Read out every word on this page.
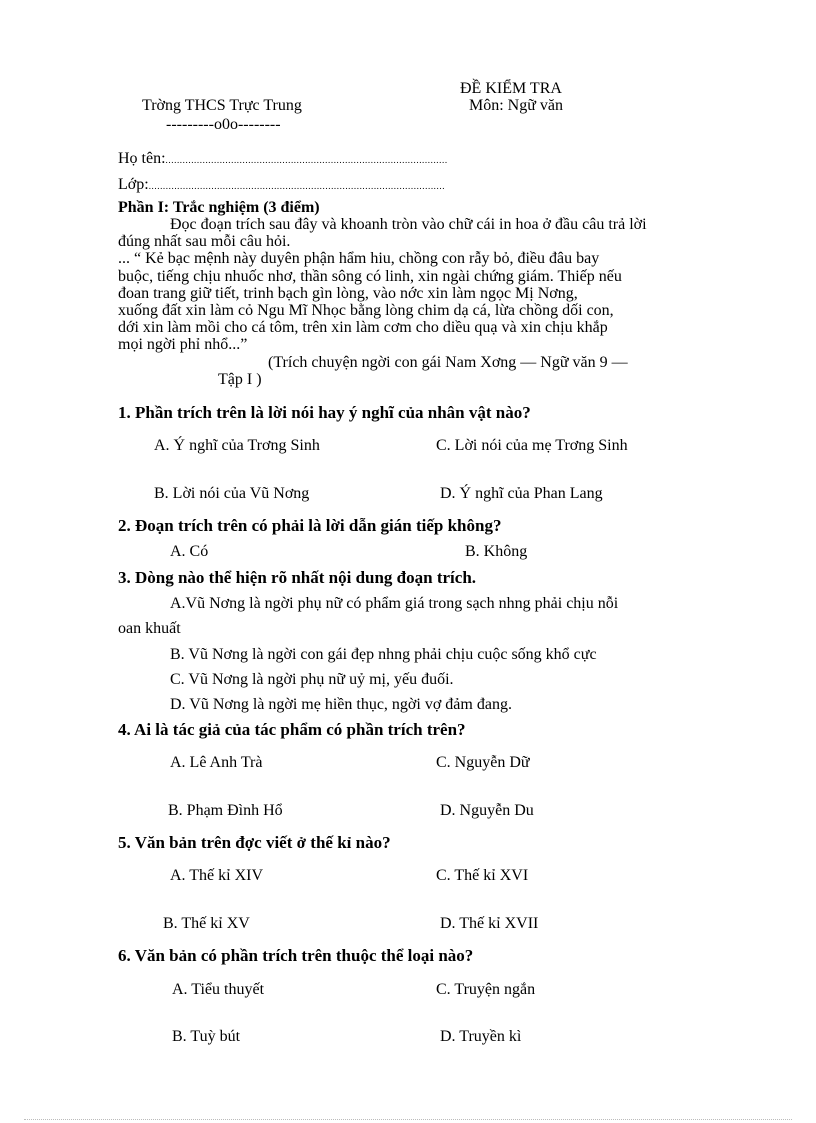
ĐỀ KIỂM TRA
Trờng THCS Trực Trung	Môn: Ngữ văn
---------o0o--------
Họ tên:...................................................................................................
Lớp:........................................................................................................
Phần I: Trắc nghiệm (3 điểm)
Đọc đoạn trích sau đây và khoanh tròn vào chữ cái in hoa ở đầu câu trả lời
đúng nhất sau mỗi câu hỏi.
... “ Kẻ bạc mệnh này duyên phận hẩm hiu, chồng con rẫy bỏ, điều đâu bay
buộc, tiếng chịu nhuốc nhơ, thần sông có linh, xin ngài chứng giám. Thiếp nếu
đoan trang giữ tiết, trinh bạch gìn lòng, vào nớc xin làm ngọc Mị Nơng,
xuống đất xin làm cỏ Ngu Mĩ Nhọc bằng lòng chim dạ cá, lừa chồng dối con,
dới xin làm mồi cho cá tôm, trên xin làm cơm cho diều quạ và xin chịu khắp
mọi ngời phỉ nhổ...”
(Trích chuyện ngời con gái Nam Xơng — Ngữ văn 9 —
Tập I )
1. Phần trích trên là lời nói hay ý nghĩ của nhân vật nào?
A. Ý nghĩ của Trơng Sinh	C. Lời nói của mẹ Trơng Sinh
B. Lời nói của Vũ Nơng	D. Ý nghĩ của Phan Lang
2. Đoạn trích trên có phải là lời dẫn gián tiếp không?
A. Có	B. Không
3. Dòng nào thể hiện rõ nhất nội dung đoạn trích.
A.Vũ Nơng là ngời phụ nữ có phẩm giá trong sạch nhng phải chịu nỗi
oan khuất
B. Vũ Nơng là ngời con gái đẹp nhng phải chịu cuộc sống khổ cực
C. Vũ Nơng là ngời phụ nữ uỷ mị, yếu đuối.
D. Vũ Nơng là ngời mẹ hiền thục, ngời vợ đảm đang.
4. Ai là tác giả của tác phẩm có phần trích trên?
A. Lê Anh Trà	C. Nguyễn Dữ
B. Phạm Đình Hổ	D. Nguyễn Du
5. Văn bản trên đợc viết ở thế kỉ nào?
A. Thế kỉ XIV	C. Thế kỉ XVI
B. Thế kỉ XV	D. Thế kỉ XVII
6. Văn bản có phần trích trên thuộc thể loại nào?
A. Tiểu thuyết	C. Truyện ngắn
B. Tuỳ bút	D. Truyền kì
